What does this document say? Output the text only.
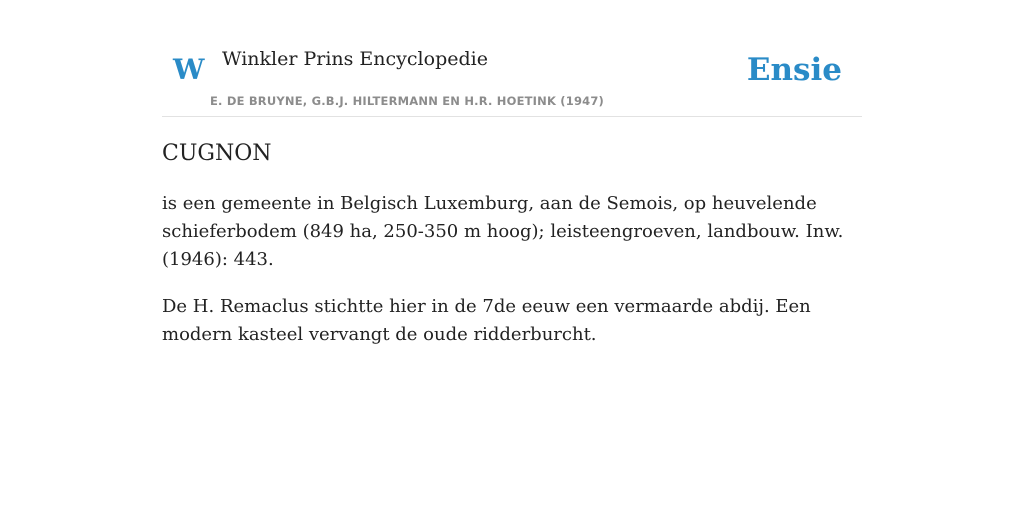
W Winkler Prins Encyclopedie
E. DE BRUYNE, G.B.J. HILTERMANN EN H.R. HOETINK (1947)
Ensie
CUGNON

is een gemeente in Belgisch Luxemburg, aan de Semois, op heuvelende schieferbodem (849 ha, 250-350 m hoog); leisteengroeven, landbouw. Inw. (1946): 443.

De H. Remaclus stichtte hier in de 7de eeuw een vermaarde abdij. Een modern kasteel vervangt de oude ridderburcht.
